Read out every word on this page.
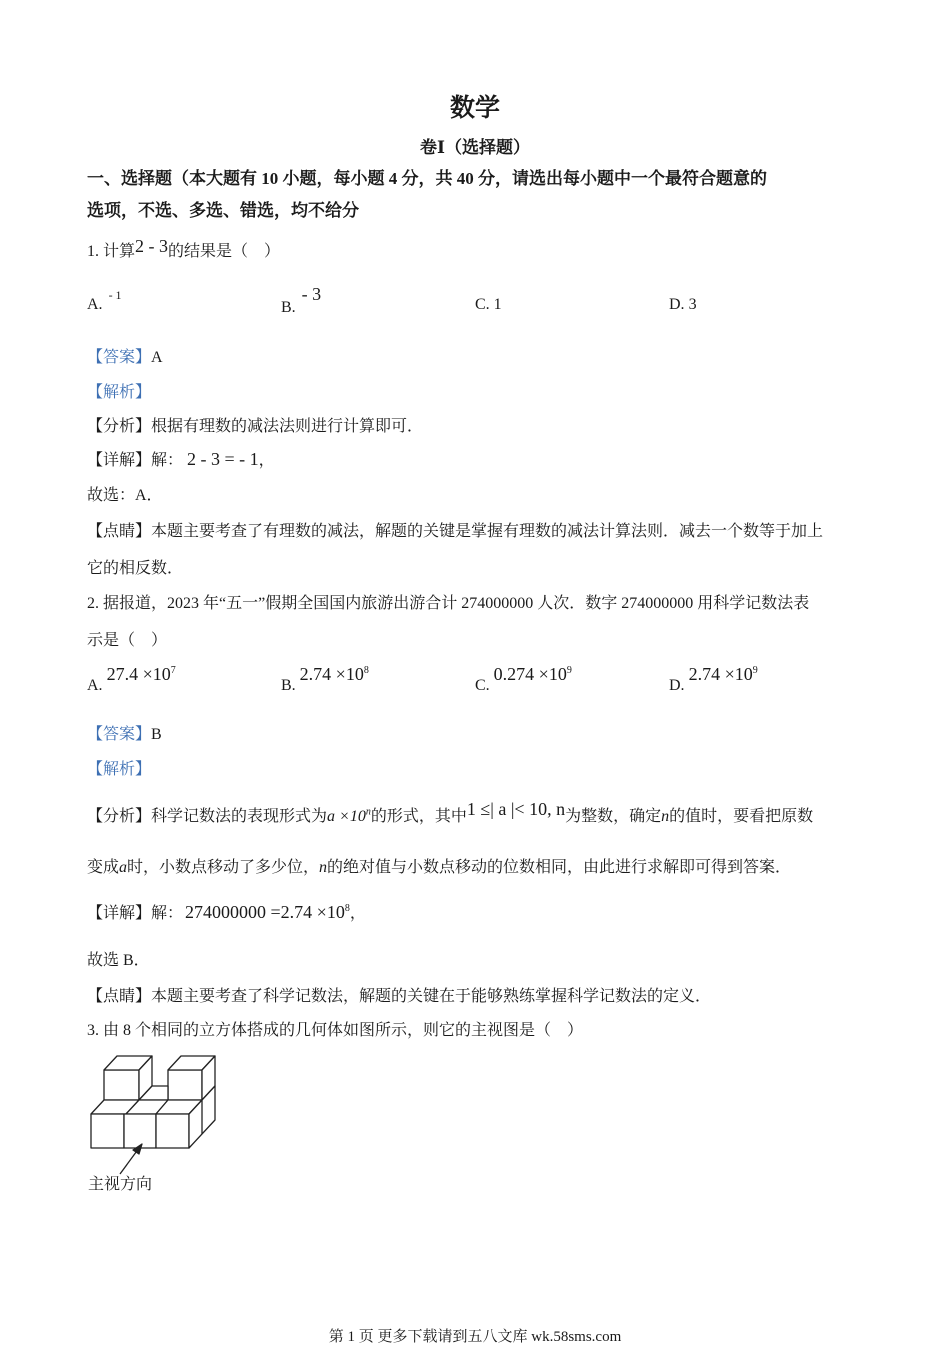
数学
卷Ⅰ（选择题）
一、选择题（本大题有 10 小题，每小题 4 分，共 40 分，请选出每小题中一个最符合题意的
选项，不选、多选、错选，均不给分
1. 计算2 - 3的结果是（　）
A.$^{- 1}$
B.- 3
C. 1	D. 3
【答案】A
【解析】
【分析】根据有理数的减法法则进行计算即可．
【详解】解： 2 - 3 = - 1，
故选：A．
【点睛】本题主要考查了有理数的减法，解题的关键是掌握有理数的减法计算法则．减去一个数等于加上
它的相反数．
2. 据报道，2023 年“五一”假期全国国内旅游出游合计 274000000 人次．数字 274000000 用科学记数法表
示是（　）
$A.27.4 \times 10^7$
$B.2.74 \times 10^8$
$C.0.274 \times 10^9$
$D.2.74 \times 10^9$
【答案】B
【解析】
【分析】科学记数法的表现形式为$a \times 10^n$的形式，其中1 ≤| a |< 10, n为整数，确定n的值时，要看把原数
变成a时，小数点移动了多少位，n的绝对值与小数点移动的位数相同，由此进行求解即可得到答案．
【详解】解： $274000000 =2.74 \times 10^8$，
故选 B．
【点睛】本题主要考查了科学记数法，解题的关键在于能够熟练掌握科学记数法的定义．
3. 由 8 个相同的立方体搭成的几何体如图所示，则它的主视图是（　）
主视方向
第 1 页 更多下载请到五八文库 wk.58sms.com
